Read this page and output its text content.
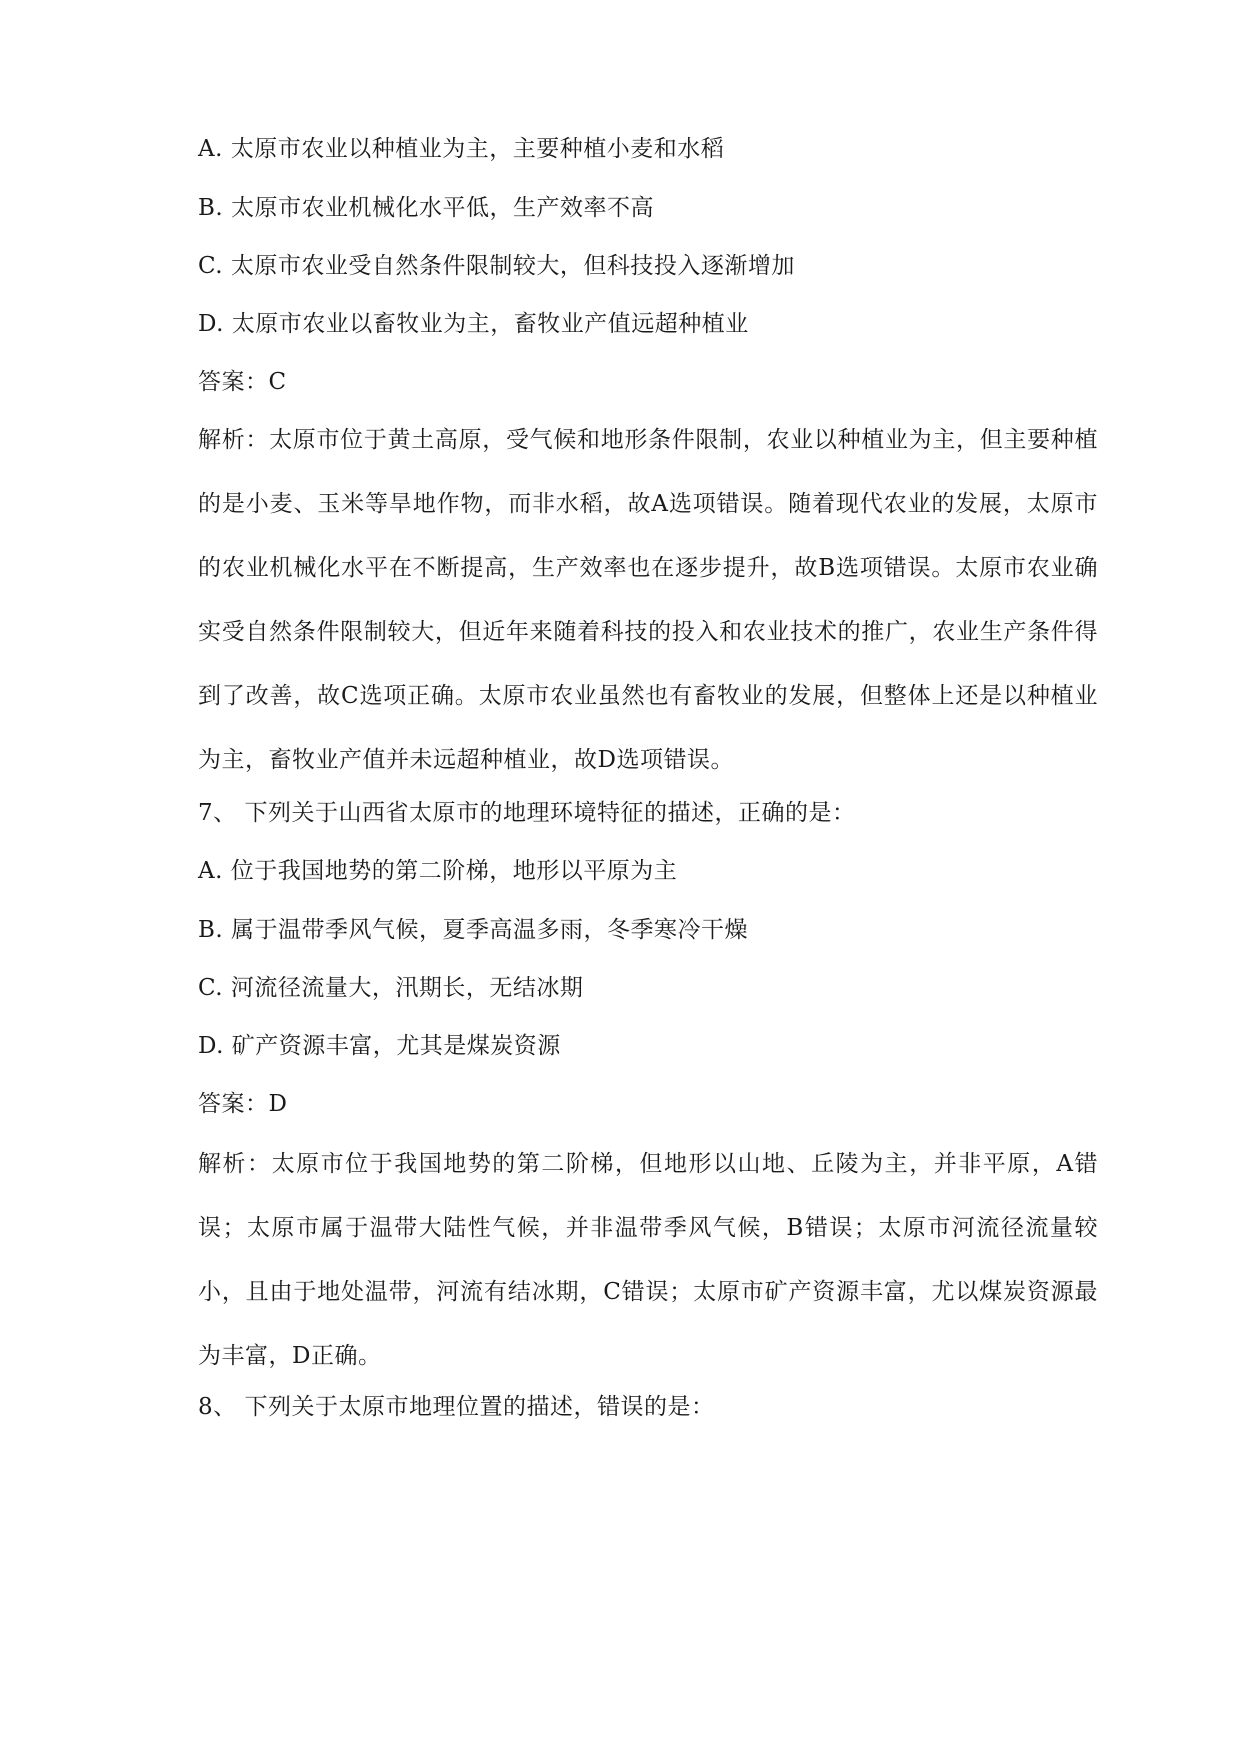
A. 太原市农业以种植业为主，主要种植小麦和水稻
B. 太原市农业机械化水平低，生产效率不高
C. 太原市农业受自然条件限制较大，但科技投入逐渐增加
D. 太原市农业以畜牧业为主，畜牧业产值远超种植业
答案：C
解析：太原市位于黄土高原，受气候和地形条件限制，农业以种植业为主，但主要种植的是小麦、玉米等旱地作物，而非水稻，故A选项错误。随着现代农业的发展，太原市的农业机械化水平在不断提高，生产效率也在逐步提升，故B选项错误。太原市农业确实受自然条件限制较大，但近年来随着科技的投入和农业技术的推广，农业生产条件得到了改善，故C选项正确。太原市农业虽然也有畜牧业的发展，但整体上还是以种植业为主，畜牧业产值并未远超种植业，故D选项错误。
7、 下列关于山西省太原市的地理环境特征的描述，正确的是：
A. 位于我国地势的第二阶梯，地形以平原为主
B. 属于温带季风气候，夏季高温多雨，冬季寒冷干燥
C. 河流径流量大，汛期长，无结冰期
D. 矿产资源丰富，尤其是煤炭资源
答案：D
解析：太原市位于我国地势的第二阶梯，但地形以山地、丘陵为主，并非平原，A错误；太原市属于温带大陆性气候，并非温带季风气候，B错误；太原市河流径流量较小，且由于地处温带，河流有结冰期，C错误；太原市矿产资源丰富，尤以煤炭资源最为丰富，D正确。
8、 下列关于太原市地理位置的描述，错误的是：
